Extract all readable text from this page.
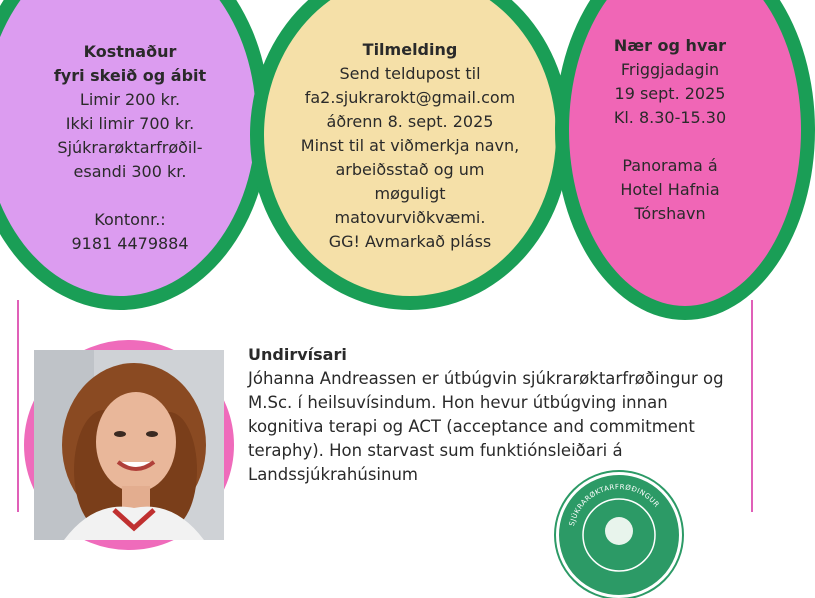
Kostnaður
fyri skeið og ábit
Limir 200 kr.
Ikki limir 700 kr.
Sjúkrarøktarfrøðil-
esandi 300 kr.
Kontonr.:
9181 4479884
Tilmelding
Send teldupost til
fa2.sjukrarokt@gmail.com
áðrenn 8. sept. 2025
Minst til at viðmerkja navn,
arbeiðsstað og um
møguligt
matovurviðkvæmi.
GG! Avmarkað pláss
Nær og hvar
Friggjadagin
19 sept. 2025
Kl. 8.30-15.30
Panorama á
Hotel Hafnia
Tórshavn
Undirvísari
Jóhanna Andreassen er útbúgvin sjúkrarøktarfrøðingur og M.Sc. í heilsuvísindum. Hon hevur útbúgving innan kognitiva terapi og ACT (acceptance and commitment teraphy). Hon starvast sum funktiónsleiðari á Landssjúkrahúsinum
SJÚKRARØKTARFRØÐINGUR
